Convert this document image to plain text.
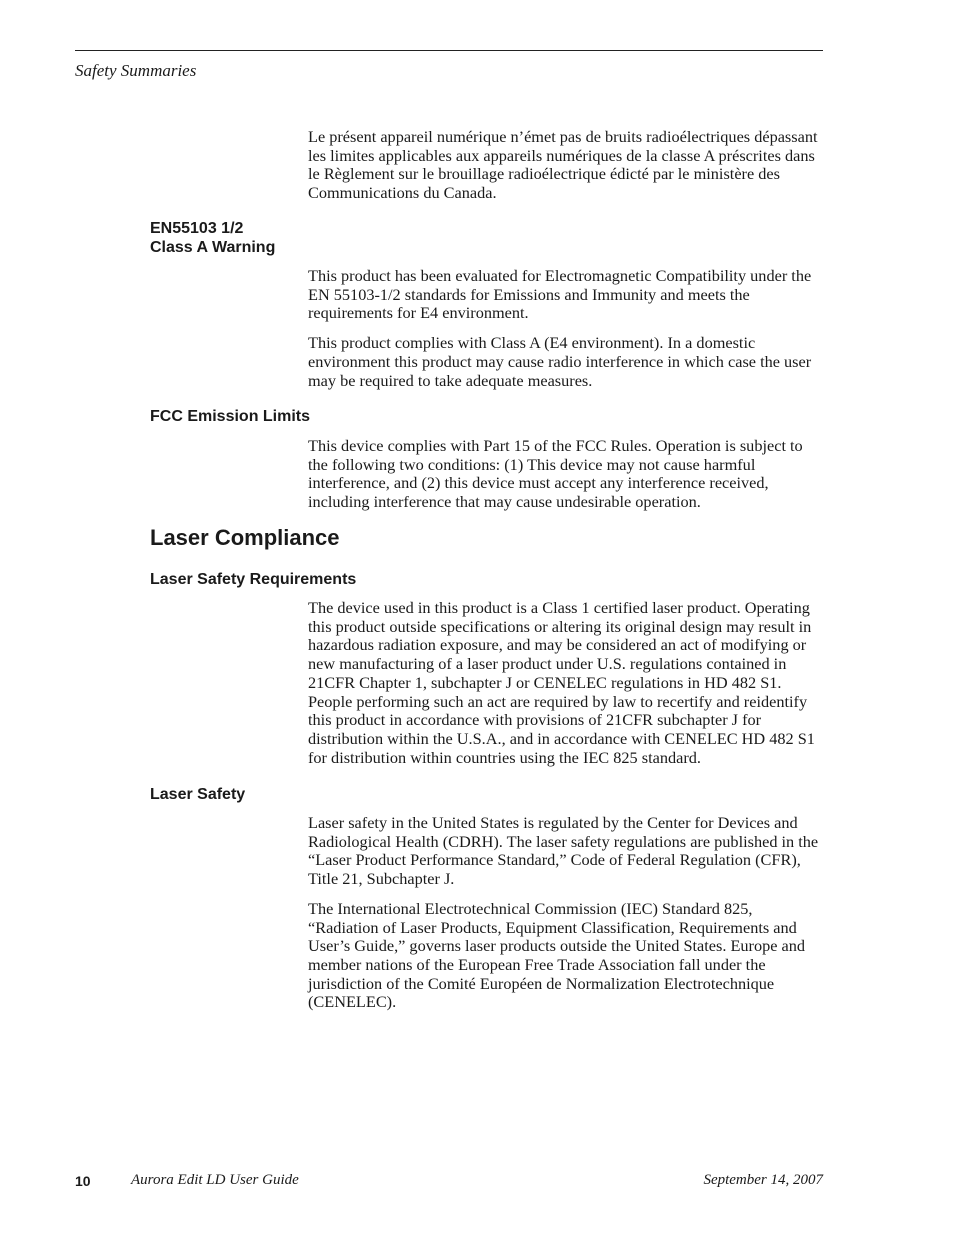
Safety Summaries

Le présent appareil numérique n’émet pas de bruits radioélectriques dépassant les limites applicables aux appareils numériques de la classe A préscrites dans le Règlement sur le brouillage radioélectrique édicté par le ministère des Communications du Canada.

EN55103 1/2
Class A Warning

This product has been evaluated for Electromagnetic Compatibility under the EN 55103-1/2 standards for Emissions and Immunity and meets the requirements for E4 environment.

This product complies with Class A (E4 environment). In a domestic environment this product may cause radio interference in which case the user may be required to take adequate measures.

FCC Emission Limits

This device complies with Part 15 of the FCC Rules. Operation is subject to the following two conditions: (1) This device may not cause harmful interference, and (2) this device must accept any interference received, including interference that may cause undesirable operation.

Laser Compliance
Laser Safety Requirements

The device used in this product is a Class 1 certified laser product. Operating this product outside specifications or altering its original design may result in hazardous radiation exposure, and may be considered an act of modifying or new manufacturing of a laser product under U.S. regulations contained in 21CFR Chapter 1, subchapter J or CENELEC regulations in HD 482 S1. People performing such an act are required by law to recertify and reidentify this product in accordance with provisions of 21CFR subchapter J for distribution within the U.S.A., and in accordance with CENELEC HD 482 S1 for distribution within countries using the IEC 825 standard.

Laser Safety

Laser safety in the United States is regulated by the Center for Devices and Radiological Health (CDRH). The laser safety regulations are published in the “Laser Product Performance Standard,” Code of Federal Regulation (CFR), Title 21, Subchapter J.

The International Electrotechnical Commission (IEC) Standard 825, “Radiation of Laser Products, Equipment Classification, Requirements and User’s Guide,” governs laser products outside the United States. Europe and member nations of the European Free Trade Association fall under the jurisdiction of the Comité Européen de Normalization Electrotechnique (CENELEC).

10	Aurora Edit LD User Guide	September 14, 2007
